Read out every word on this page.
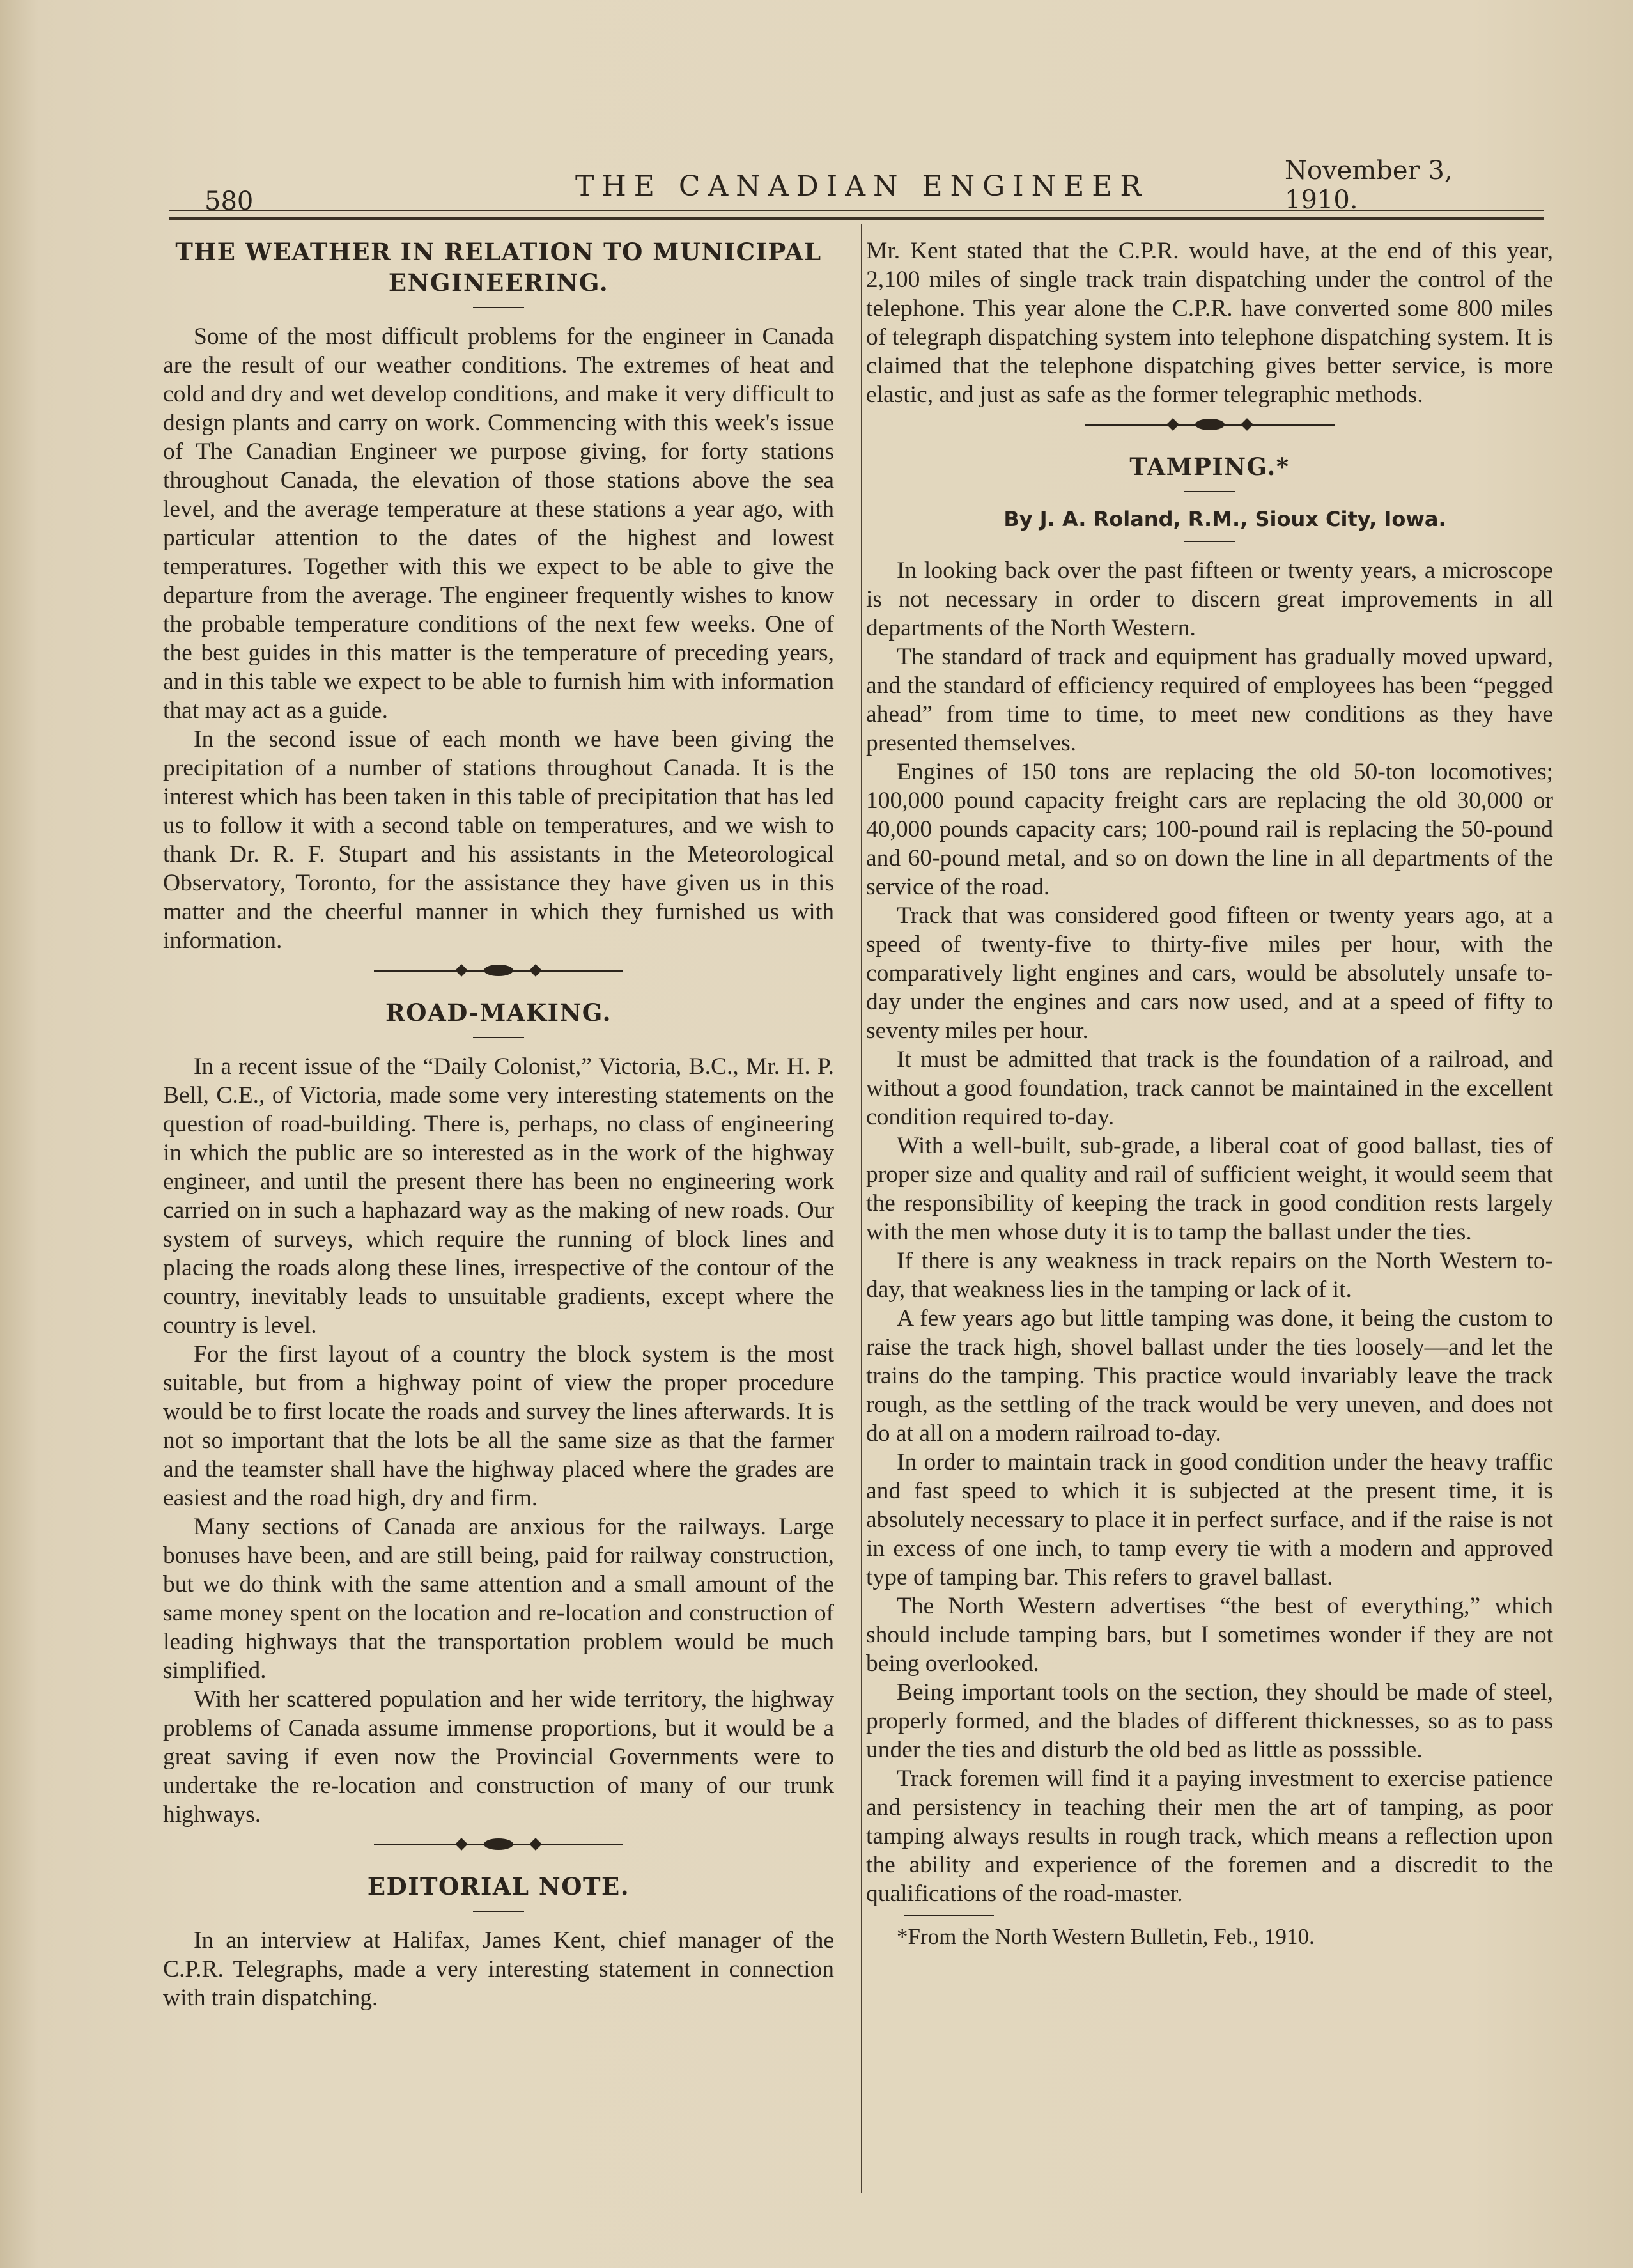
580	THE CANADIAN ENGINEER	November 3, 1910.
THE WEATHER IN RELATION TO MUNICIPAL ENGINEERING.

Some of the most difficult problems for the engineer in Canada are the result of our weather conditions. The extremes of heat and cold and dry and wet develop conditions, and make it very difficult to design plants and carry on work. Commencing with this week's issue of The Canadian Engineer we purpose giving, for forty stations throughout Canada, the elevation of those stations above the sea level, and the average temperature at these stations a year ago, with particular attention to the dates of the highest and lowest temperatures. Together with this we expect to be able to give the departure from the average. The engineer frequently wishes to know the probable temperature conditions of the next few weeks. One of the best guides in this matter is the temperature of preceding years, and in this table we expect to be able to furnish him with information that may act as a guide.

In the second issue of each month we have been giving the precipitation of a number of stations throughout Canada. It is the interest which has been taken in this table of precipitation that has led us to follow it with a second table on temperatures, and we wish to thank Dr. R. F. Stupart and his assistants in the Meteorological Observatory, Toronto, for the assistance they have given us in this matter and the cheerful manner in which they furnished us with information.

ROAD-MAKING.

In a recent issue of the “Daily Colonist,” Victoria, B.C., Mr. H. P. Bell, C.E., of Victoria, made some very interesting statements on the question of road-building. There is, perhaps, no class of engineering in which the public are so interested as in the work of the highway engineer, and until the present there has been no engineering work carried on in such a haphazard way as the making of new roads. Our system of surveys, which require the running of block lines and placing the roads along these lines, irrespective of the contour of the country, inevitably leads to unsuitable gradients, except where the country is level.

For the first layout of a country the block system is the most suitable, but from a highway point of view the proper procedure would be to first locate the roads and survey the lines afterwards. It is not so important that the lots be all the same size as that the farmer and the teamster shall have the highway placed where the grades are easiest and the road high, dry and firm.

Many sections of Canada are anxious for the railways. Large bonuses have been, and are still being, paid for railway construction, but we do think with the same attention and a small amount of the same money spent on the location and re-location and construction of leading highways that the transportation problem would be much simplified.

With her scattered population and her wide territory, the highway problems of Canada assume immense proportions, but it would be a great saving if even now the Provincial Governments were to undertake the re-location and construction of many of our trunk highways.

EDITORIAL NOTE.

In an interview at Halifax, James Kent, chief manager of the C.P.R. Telegraphs, made a very interesting statement in connection with train dispatching.

Mr. Kent stated that the C.P.R. would have, at the end of this year, 2,100 miles of single track train dispatching under the control of the telephone. This year alone the C.P.R. have converted some 800 miles of telegraph dispatching system into telephone dispatching system. It is claimed that the telephone dispatching gives better service, is more elastic, and just as safe as the former telegraphic methods.

TAMPING.*

By J. A. Roland, R.M., Sioux City, Iowa.

In looking back over the past fifteen or twenty years, a microscope is not necessary in order to discern great improvements in all departments of the North Western.

The standard of track and equipment has gradually moved upward, and the standard of efficiency required of employees has been “pegged ahead” from time to time, to meet new conditions as they have presented themselves.

Engines of 150 tons are replacing the old 50-ton locomotives; 100,000 pound capacity freight cars are replacing the old 30,000 or 40,000 pounds capacity cars; 100-pound rail is replacing the 50-pound and 60-pound metal, and so on down the line in all departments of the service of the road.

Track that was considered good fifteen or twenty years ago, at a speed of twenty-five to thirty-five miles per hour, with the comparatively light engines and cars, would be absolutely unsafe to-day under the engines and cars now used, and at a speed of fifty to seventy miles per hour.

It must be admitted that track is the foundation of a railroad, and without a good foundation, track cannot be maintained in the excellent condition required to-day.

With a well-built, sub-grade, a liberal coat of good ballast, ties of proper size and quality and rail of sufficient weight, it would seem that the responsibility of keeping the track in good condition rests largely with the men whose duty it is to tamp the ballast under the ties.

If there is any weakness in track repairs on the North Western to-day, that weakness lies in the tamping or lack of it.

A few years ago but little tamping was done, it being the custom to raise the track high, shovel ballast under the ties loosely—and let the trains do the tamping. This practice would invariably leave the track rough, as the settling of the track would be very uneven, and does not do at all on a modern railroad to-day.

In order to maintain track in good condition under the heavy traffic and fast speed to which it is subjected at the present time, it is absolutely necessary to place it in perfect surface, and if the raise is not in excess of one inch, to tamp every tie with a modern and approved type of tamping bar. This refers to gravel ballast.

The North Western advertises “the best of everything,” which should include tamping bars, but I sometimes wonder if they are not being overlooked.

Being important tools on the section, they should be made of steel, properly formed, and the blades of different thicknesses, so as to pass under the ties and disturb the old bed as little as posssible.

Track foremen will find it a paying investment to exercise patience and persistency in teaching their men the art of tamping, as poor tamping always results in rough track, which means a reflection upon the ability and experience of the foremen and a discredit to the qualifications of the road-master.

*From the North Western Bulletin, Feb., 1910.
